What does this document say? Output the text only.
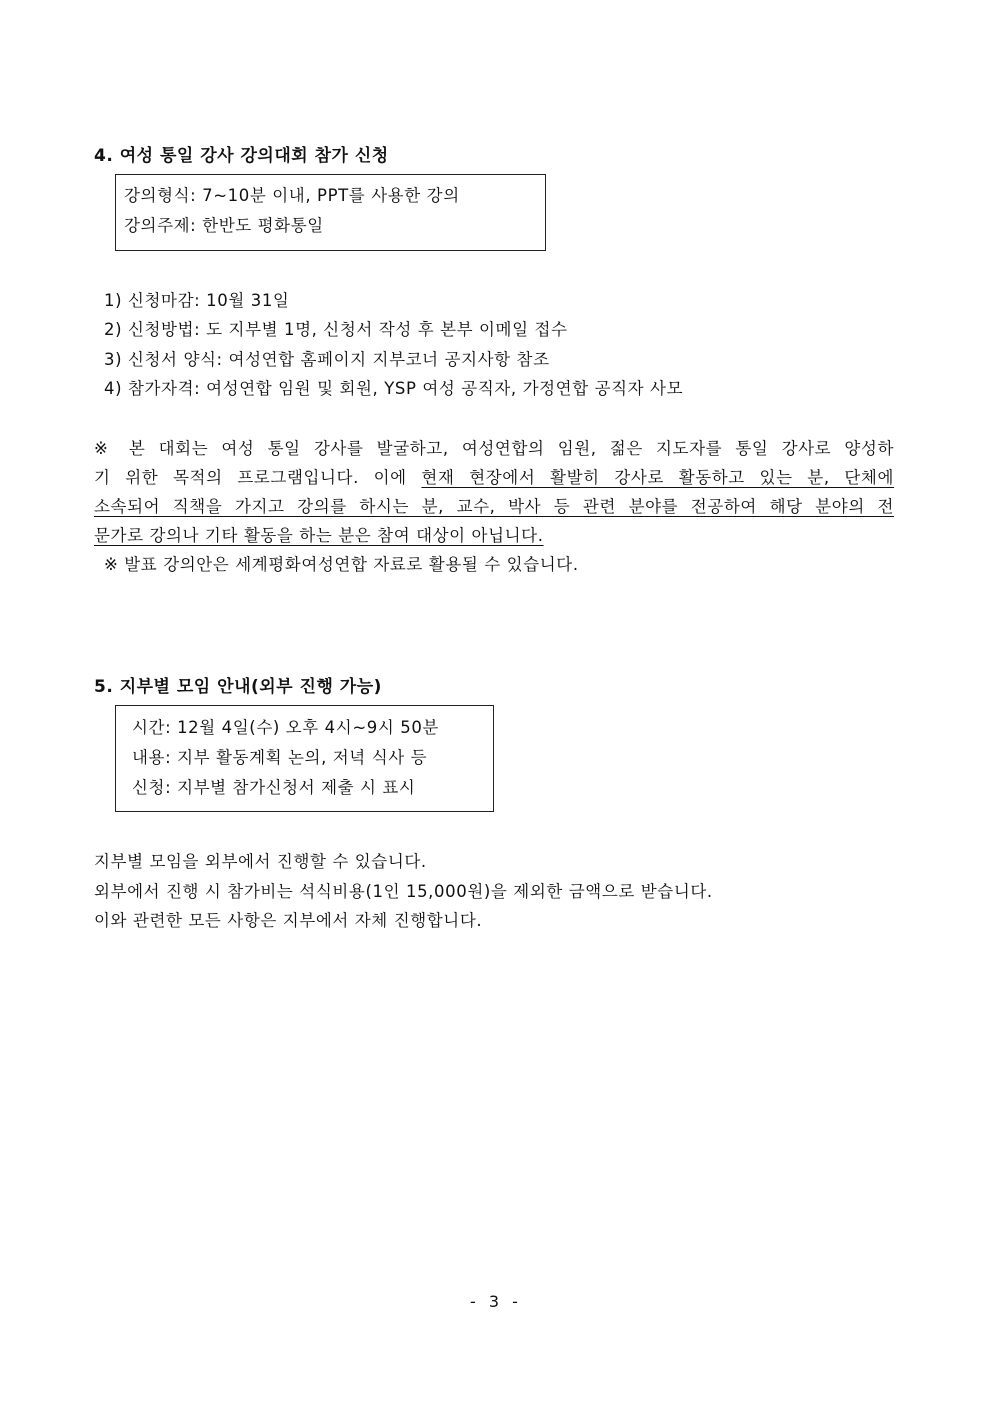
4. 여성 통일 강사 강의대회 참가 신청
강의형식: 7~10분 이내, PPT를 사용한 강의
강의주제: 한반도 평화통일
1) 신청마감: 10월 31일
2) 신청방법: 도 지부별 1명, 신청서 작성 후 본부 이메일 접수
3) 신청서 양식: 여성연합 홈페이지 지부코너 공지사항 참조
4) 참가자격: 여성연합 임원 및 회원, YSP 여성 공직자, 가정연합 공직자 사모
※ 본 대회는 여성 통일 강사를 발굴하고, 여성연합의 임원, 젊은 지도자를 통일 강사로 양성하
기 위한 목적의 프로그램입니다. 이에 현재 현장에서 활발히 강사로 활동하고 있는 분, 단체에
소속되어 직책을 가지고 강의를 하시는 분, 교수, 박사 등 관련 분야를 전공하여 해당 분야의 전
문가로 강의나 기타 활동을 하는 분은 참여 대상이 아닙니다.
※ 발표 강의안은 세계평화여성연합 자료로 활용될 수 있습니다.
5. 지부별 모임 안내(외부 진행 가능)
시간: 12월 4일(수) 오후 4시~9시 50분
내용: 지부 활동계획 논의, 저녁 식사 등
신청: 지부별 참가신청서 제출 시 표시
지부별 모임을 외부에서 진행할 수 있습니다.
외부에서 진행 시 참가비는 석식비용(1인 15,000원)을 제외한 금액으로 받습니다.
이와 관련한 모든 사항은 지부에서 자체 진행합니다.
- 3 -
